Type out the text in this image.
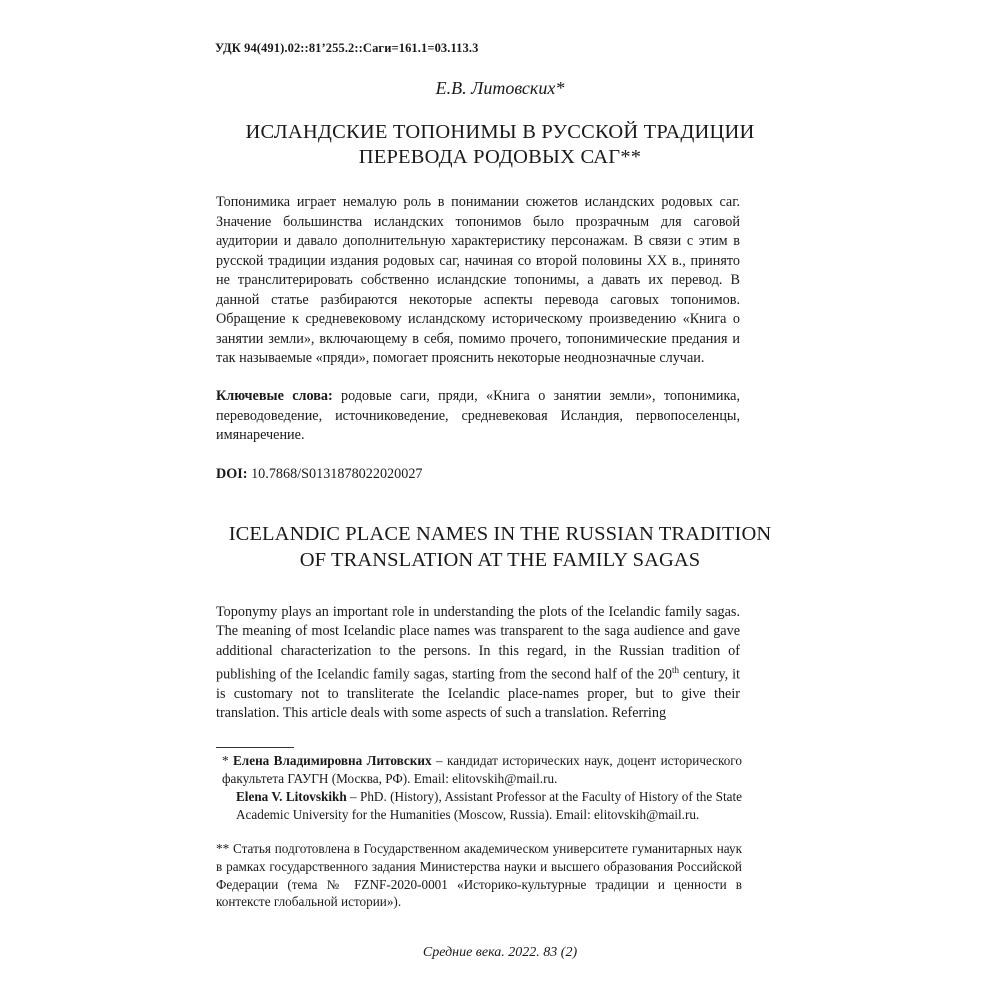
УДК 94(491).02::81’255.2::Саги=161.1=03.113.3
Е.В. Литовских*
ИСЛАНДСКИЕ ТОПОНИМЫ В РУССКОЙ ТРАДИЦИИ
ПЕРЕВОДА РОДОВЫХ САГ**

Топонимика играет немалую роль в понимании сюжетов исландских родовых саг. Значение большинства исландских топонимов было прозрачным для саговой аудитории и давало дополнительную характеристику персонажам. В связи с этим в русской традиции издания родовых саг, начиная со второй половины XX в., принято не транслитерировать собственно исландские топонимы, а давать их перевод. В данной статье разбираются некоторые аспекты перевода саговых топонимов. Обращение к средневековому исландскому историческому произведению «Книга о занятии земли», включающему в себя, помимо прочего, топонимические предания и так называемые «пряди», помогает прояснить некоторые неоднозначные случаи.

Ключевые слова: родовые саги, пряди, «Книга о занятии земли», топонимика, переводоведение, источниковедение, средневековая Исландия, первопоселенцы, имянаречение.

DOI: 10.7868/S0131878022020027

ICELANDIC PLACE NAMES IN THE RUSSIAN TRADITION
OF TRANSLATION AT THE FAMILY SAGAS

Toponymy plays an important role in understanding the plots of the Icelandic family sagas. The meaning of most Icelandic place names was transparent to the saga audience and gave additional characterization to the persons. In this regard, in the Russian tradition of publishing of the Icelandic family sagas, starting from the second half of the 20th century, it is customary not to transliterate the Icelandic place-names proper, but to give their translation. This article deals with some aspects of such a translation. Referring

* Елена Владимировна Литовских – кандидат исторических наук, доцент исторического факультета ГАУГН (Москва, РФ). Email: elitovskih@mail.ru.

Elena V. Litovskikh – PhD. (History), Assistant Professor at the Faculty of History of the State Academic University for the Humanities (Moscow, Russia). Email: elitovskih@mail.ru.

** Статья подготовлена в Государственном академическом университете гуманитарных наук в рамках государственного задания Министерства науки и высшего образования Российской Федерации (тема № FZNF-2020-0001 «Историко-культурные традиции и ценности в контексте глобальной истории»).

Средние века. 2022. 83 (2)
